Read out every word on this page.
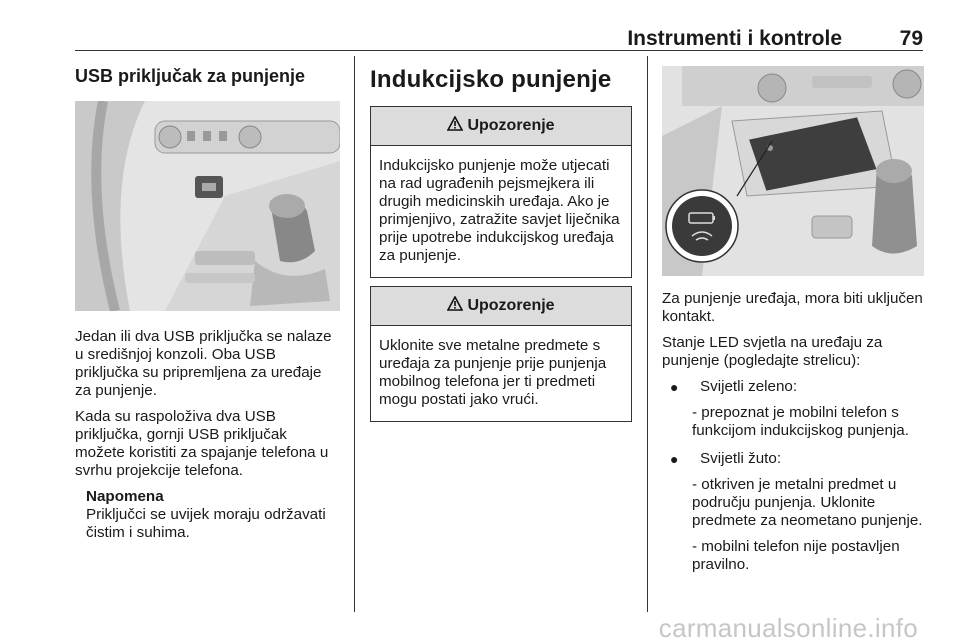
Instrumenti i kontrole	79
USB priključak za punjenje

Jedan ili dva USB priključka se nalaze u središnjoj konzoli. Oba USB priključka su pripremljena za uređaje za punjenje.

Kada su raspoloživa dva USB priključka, gornji USB priključak možete koristiti za spajanje telefona u svrhu projekcije telefona.

Napomena

Priključci se uvijek moraju održavati čistim i suhima.

Indukcijsko punjenje
Upozorenje
Indukcijsko punjenje može utjecati na rad ugrađenih pejsmejkera ili drugih medicinskih uređaja. Ako je primjenjivo, zatražite savjet liječnika prije upotrebe indukcijskog uređaja za punjenje.
Upozorenje
Uklonite sve metalne predmete s uređaja za punjenje prije punjenja mobilnog telefona jer ti predmeti mogu postati jako vrući.

Za punjenje uređaja, mora biti uključen kontakt.

Stanje LED svjetla na uređaju za punjenje (pogledajte strelicu):

●	Svijetli zeleno:
- prepoznat je mobilni telefon s funkcijom indukcijskog punjenja.
●	Svijetli žuto:
- otkriven je metalni predmet u području punjenja. Uklonite predmete za neometano punjenje.
- mobilni telefon nije postavljen pravilno.
carmanualsonline.info
